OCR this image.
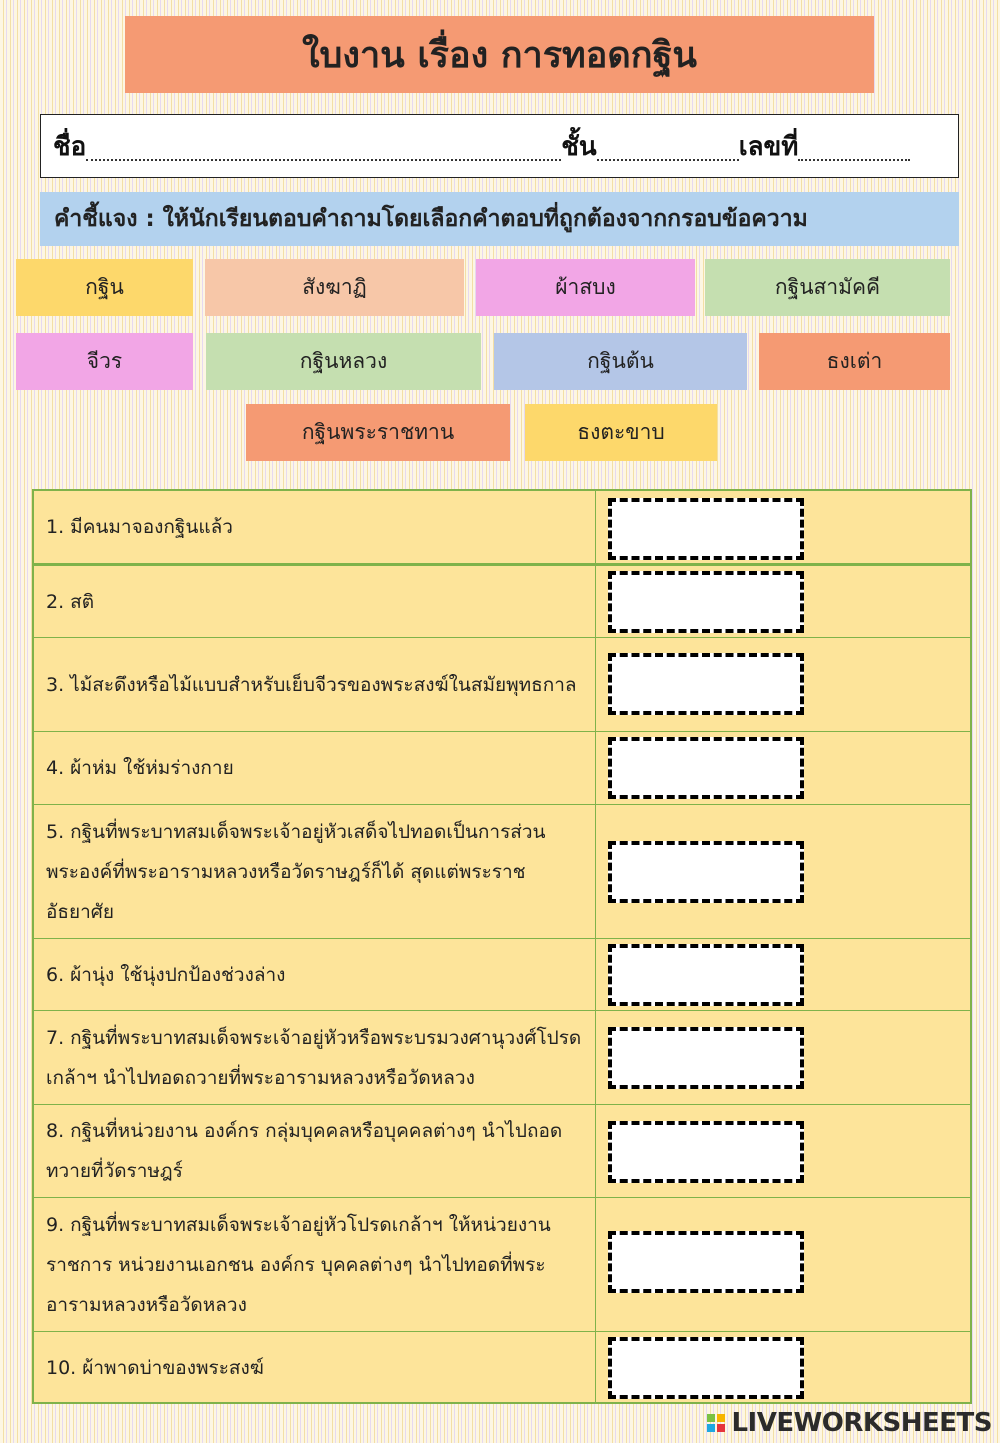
ใบงาน เรื่อง การทอดกฐิน
ชื่อ	ชั้น	เลขที่
คำชี้แจง : ให้นักเรียนตอบคำถามโดยเลือกคำตอบที่ถูกต้องจากกรอบข้อความ
กฐิน	สังฆาฏิ	ผ้าสบง	กฐินสามัคคี
จีวร	กฐินหลวง	กฐินต้น	ธงเต่า
กฐินพระราชทาน	ธงตะขาบ
1. มีคนมาจองกฐินแล้ว
2. สติ
3. ไม้สะดึงหรือไม้แบบสำหรับเย็บจีวรของพระสงฆ์ในสมัยพุทธกาล
4. ผ้าห่ม ใช้ห่มร่างกาย
5. กฐินที่พระบาทสมเด็จพระเจ้าอยู่หัวเสด็จไปทอดเป็นการส่วนพระองค์ที่พระอารามหลวงหรือวัดราษฎร์ก็ได้ สุดแต่พระราชอัธยาศัย
6. ผ้านุ่ง ใช้นุ่งปกป้องช่วงล่าง
7. กฐินที่พระบาทสมเด็จพระเจ้าอยู่หัวหรือพระบรมวงศานุวงศ์โปรดเกล้าฯ นำไปทอดถวายที่พระอารามหลวงหรือวัดหลวง
8. กฐินที่หน่วยงาน องค์กร กลุ่มบุคคลหรือบุคคลต่างๆ นำไปถอดทวายที่วัดราษฎร์
9. กฐินที่พระบาทสมเด็จพระเจ้าอยู่หัวโปรดเกล้าฯ ให้หน่วยงานราชการ หน่วยงานเอกชน องค์กร บุคคลต่างๆ นำไปทอดที่พระอารามหลวงหรือวัดหลวง
10. ผ้าพาดบ่าของพระสงฆ์
LIVEWORKSHEETS
